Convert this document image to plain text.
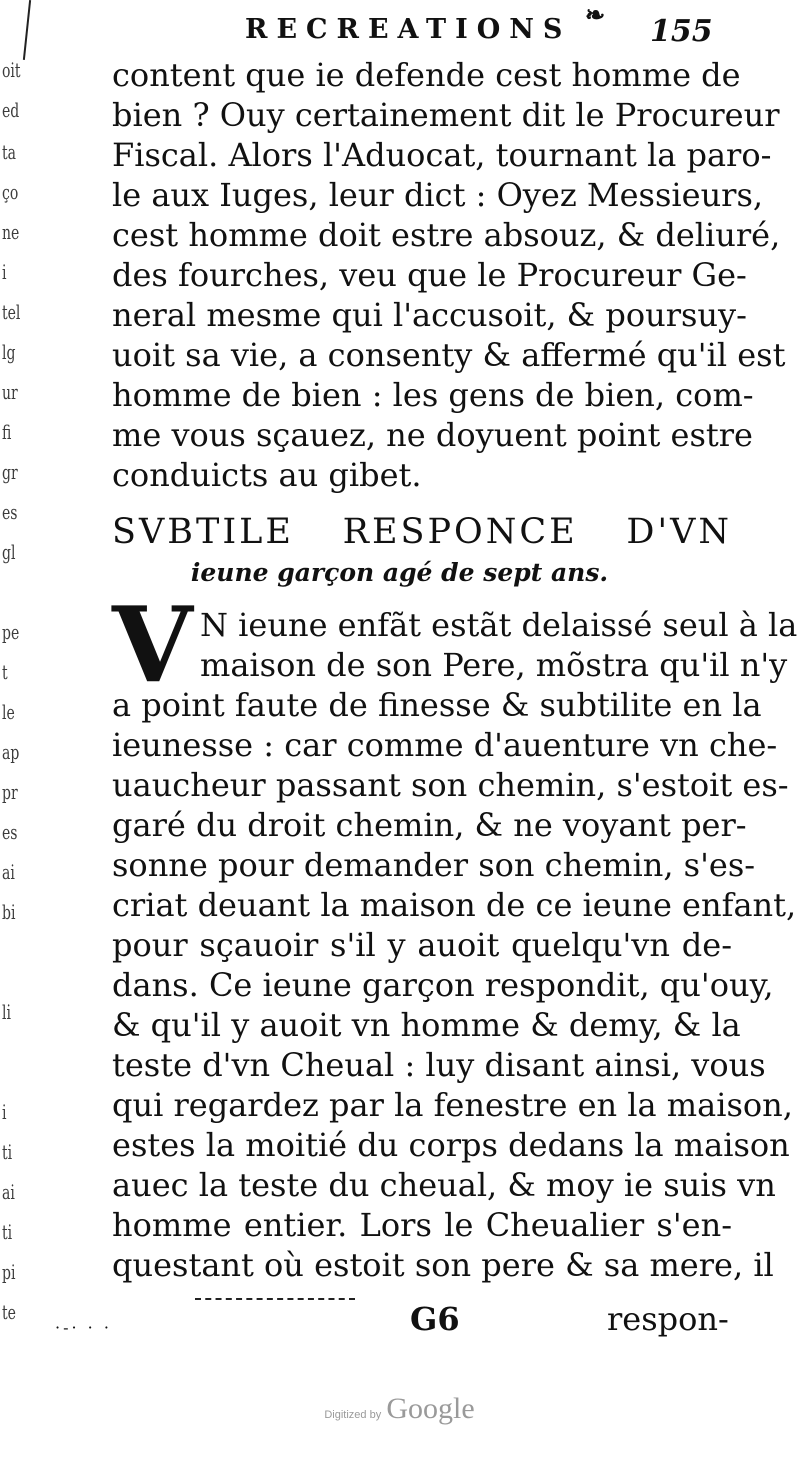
oit
ed
ta
ço
ne
i
tel
lg
ur
fi
gr
es
gl
pe
t
le
ap
pr
es
ai
bi
li
i
ti
ai
ti
pi
te
RECREATIONS ❧ 155
content que ie defende cest homme de
bien ? Ouy certainement dit le Procureur
Fiscal. Alors l'Aduocat, tournant la paro-
le aux Iuges, leur dict : Oyez Messieurs,
cest homme doit estre absouz, & deliuré,
des fourches, veu que le Procureur Ge-
neral mesme qui l'accusoit, & poursuy-
uoit sa vie, a consenty & affermé qu'il est
homme de bien : les gens de bien, com-
me vous sçauez, ne doyuent point estre
conduicts au gibet.
SVBTILE RESPONCE D'VN
ieune garçon agé de sept ans.
V N ieune enfãt estãt delaissé seul à la
maison de son Pere, mõstra qu'il n'y
a point faute de finesse & subtilite en la
ieunesse : car comme d'auenture vn che-
uaucheur passant son chemin, s'estoit es-
garé du droit chemin, & ne voyant per-
sonne pour demander son chemin, s'es-
criat deuant la maison de ce ieune enfant,
pour sçauoir s'il y auoit quelqu'vn de-
dans. Ce ieune garçon respondit, qu'ouy,
& qu'il y auoit vn homme & demy, & la
teste d'vn Cheual : luy disant ainsi, vous
qui regardez par la fenestre en la maison,
estes la moitié du corps dedans la maison
auec la teste du cheual, & moy ie suis vn
homme entier. Lors le Cheualier s'en-
questant où estoit son pere & sa mere, il
·-· · ·	G6	respon-
Digitized by Google
